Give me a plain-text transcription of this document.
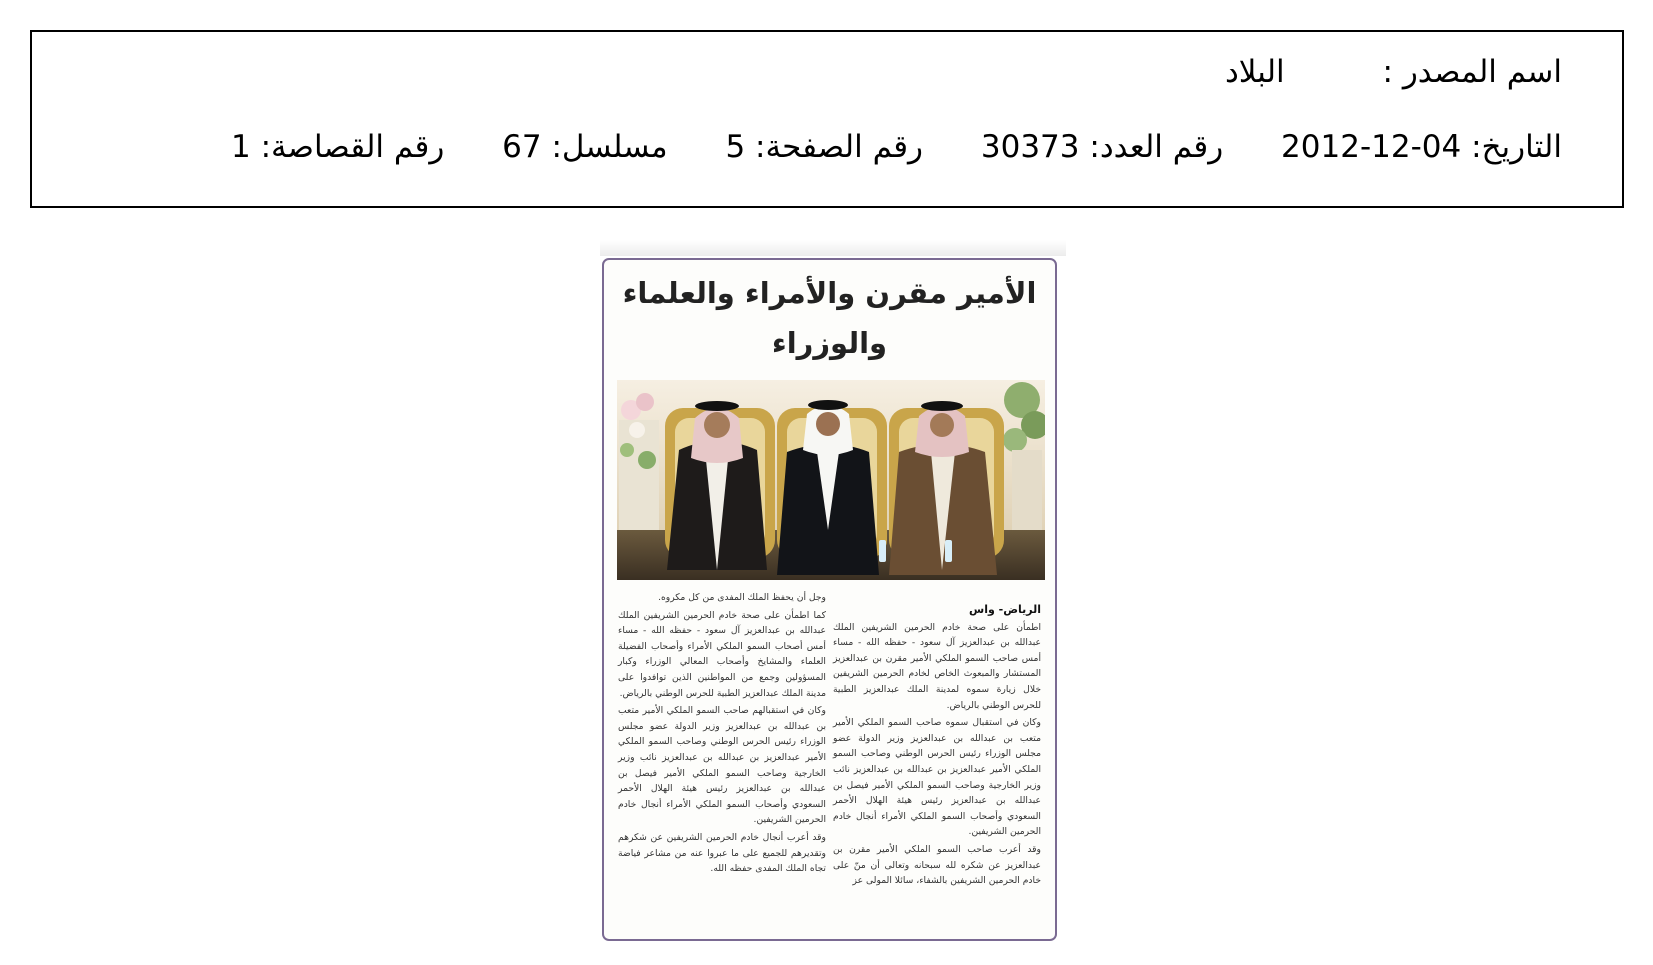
اسم المصدر : البلاد
التاريخ: 2012-12-04 رقم العدد: 30373 رقم الصفحة: 5 مسلسل: 67 رقم القصاصة: 1
الأمير مقرن والأمراء والعلماء والوزراء

الرياض- واس

اطمأن على صحة خادم الحرمين الشريفين الملك عبدالله بن عبدالعزيز آل سعود - حفظه الله - مساء أمس صاحب السمو الملكي الأمير مقرن بن عبدالعزيز المستشار والمبعوث الخاص لخادم الحرمين الشريفين خلال زيارة سموه لمدينة الملك عبدالعزيز الطبية للحرس الوطني بالرياض.

وكان في استقبال سموه صاحب السمو الملكي الأمير متعب بن عبدالله بن عبدالعزيز وزير الدولة عضو مجلس الوزراء رئيس الحرس الوطني وصاحب السمو الملكي الأمير عبدالعزيز بن عبدالله بن عبدالعزيز نائب وزير الخارجية وصاحب السمو الملكي الأمير فيصل بن عبدالله بن عبدالعزيز رئيس هيئة الهلال الأحمر السعودي وأصحاب السمو الملكي الأمراء أنجال خادم الحرمين الشريفين.

وقد أعرب صاحب السمو الملكي الأمير مقرن بن عبدالعزيز عن شكره لله سبحانه وتعالى أن منّ على خادم الحرمين الشريفين بالشفاء، سائلا المولى عز

وجل أن يحفظ الملك المفدى من كل مكروه.

كما اطمأن على صحة خادم الحرمين الشريفين الملك عبدالله بن عبدالعزيز آل سعود - حفظه الله - مساء أمس أصحاب السمو الملكي الأمراء وأصحاب الفضيلة العلماء والمشايخ وأصحاب المعالي الوزراء وكبار المسؤولين وجمع من المواطنين الذين توافدوا على مدينة الملك عبدالعزيز الطبية للحرس الوطني بالرياض.

وكان في استقبالهم صاحب السمو الملكي الأمير متعب بن عبدالله بن عبدالعزيز وزير الدولة عضو مجلس الوزراء رئيس الحرس الوطني وصاحب السمو الملكي الأمير عبدالعزيز بن عبدالله بن عبدالعزيز نائب وزير الخارجية وصاحب السمو الملكي الأمير فيصل بن عبدالله بن عبدالعزيز رئيس هيئة الهلال الأحمر السعودي وأصحاب السمو الملكي الأمراء أنجال خادم الحرمين الشريفين.

وقد أعرب أنجال خادم الحرمين الشريفين عن شكرهم وتقديرهم للجميع على ما عبروا عنه من مشاعر فياضة تجاه الملك المفدى حفظه الله.
